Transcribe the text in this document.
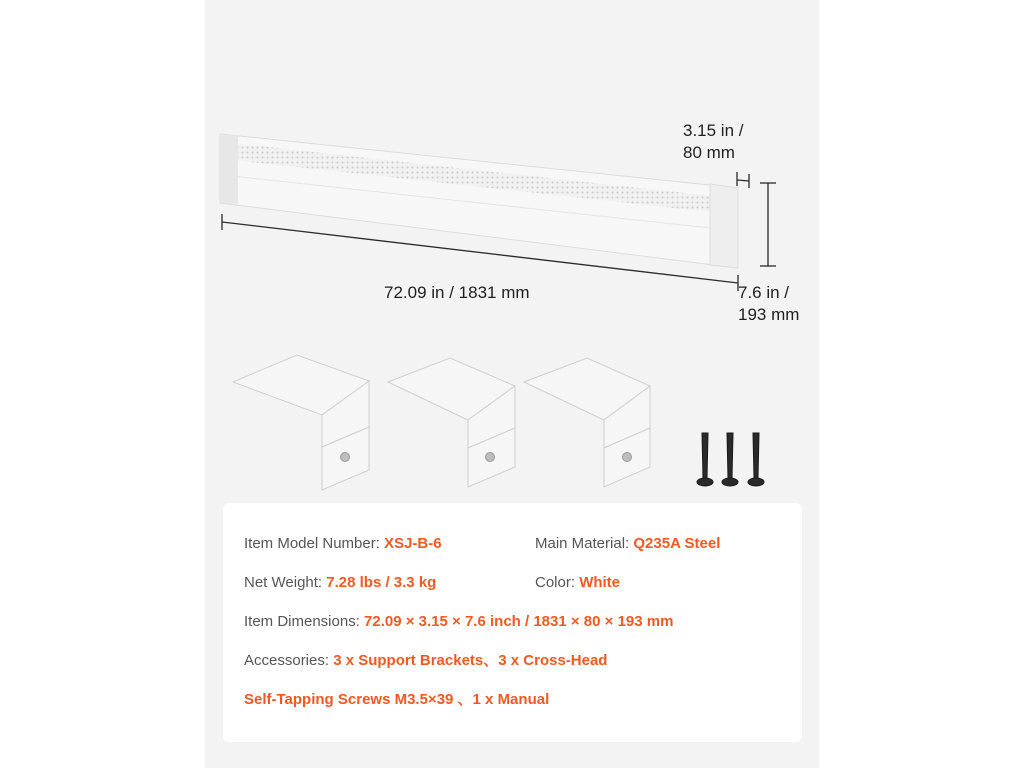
3.15 in /
80 mm
72.09 in / 1831 mm	7.6 in /
193 mm
Item Model Number: XSJ-B-6	Main Material: Q235A Steel
Net Weight: 7.28 lbs / 3.3 kg	Color: White
Item Dimensions: 72.09 × 3.15 × 7.6 inch / 1831 × 80 × 193 mm
Accessories: 3 x Support Brackets、3 x Cross-Head
Self-Tapping Screws M3.5×39 、1 x Manual
